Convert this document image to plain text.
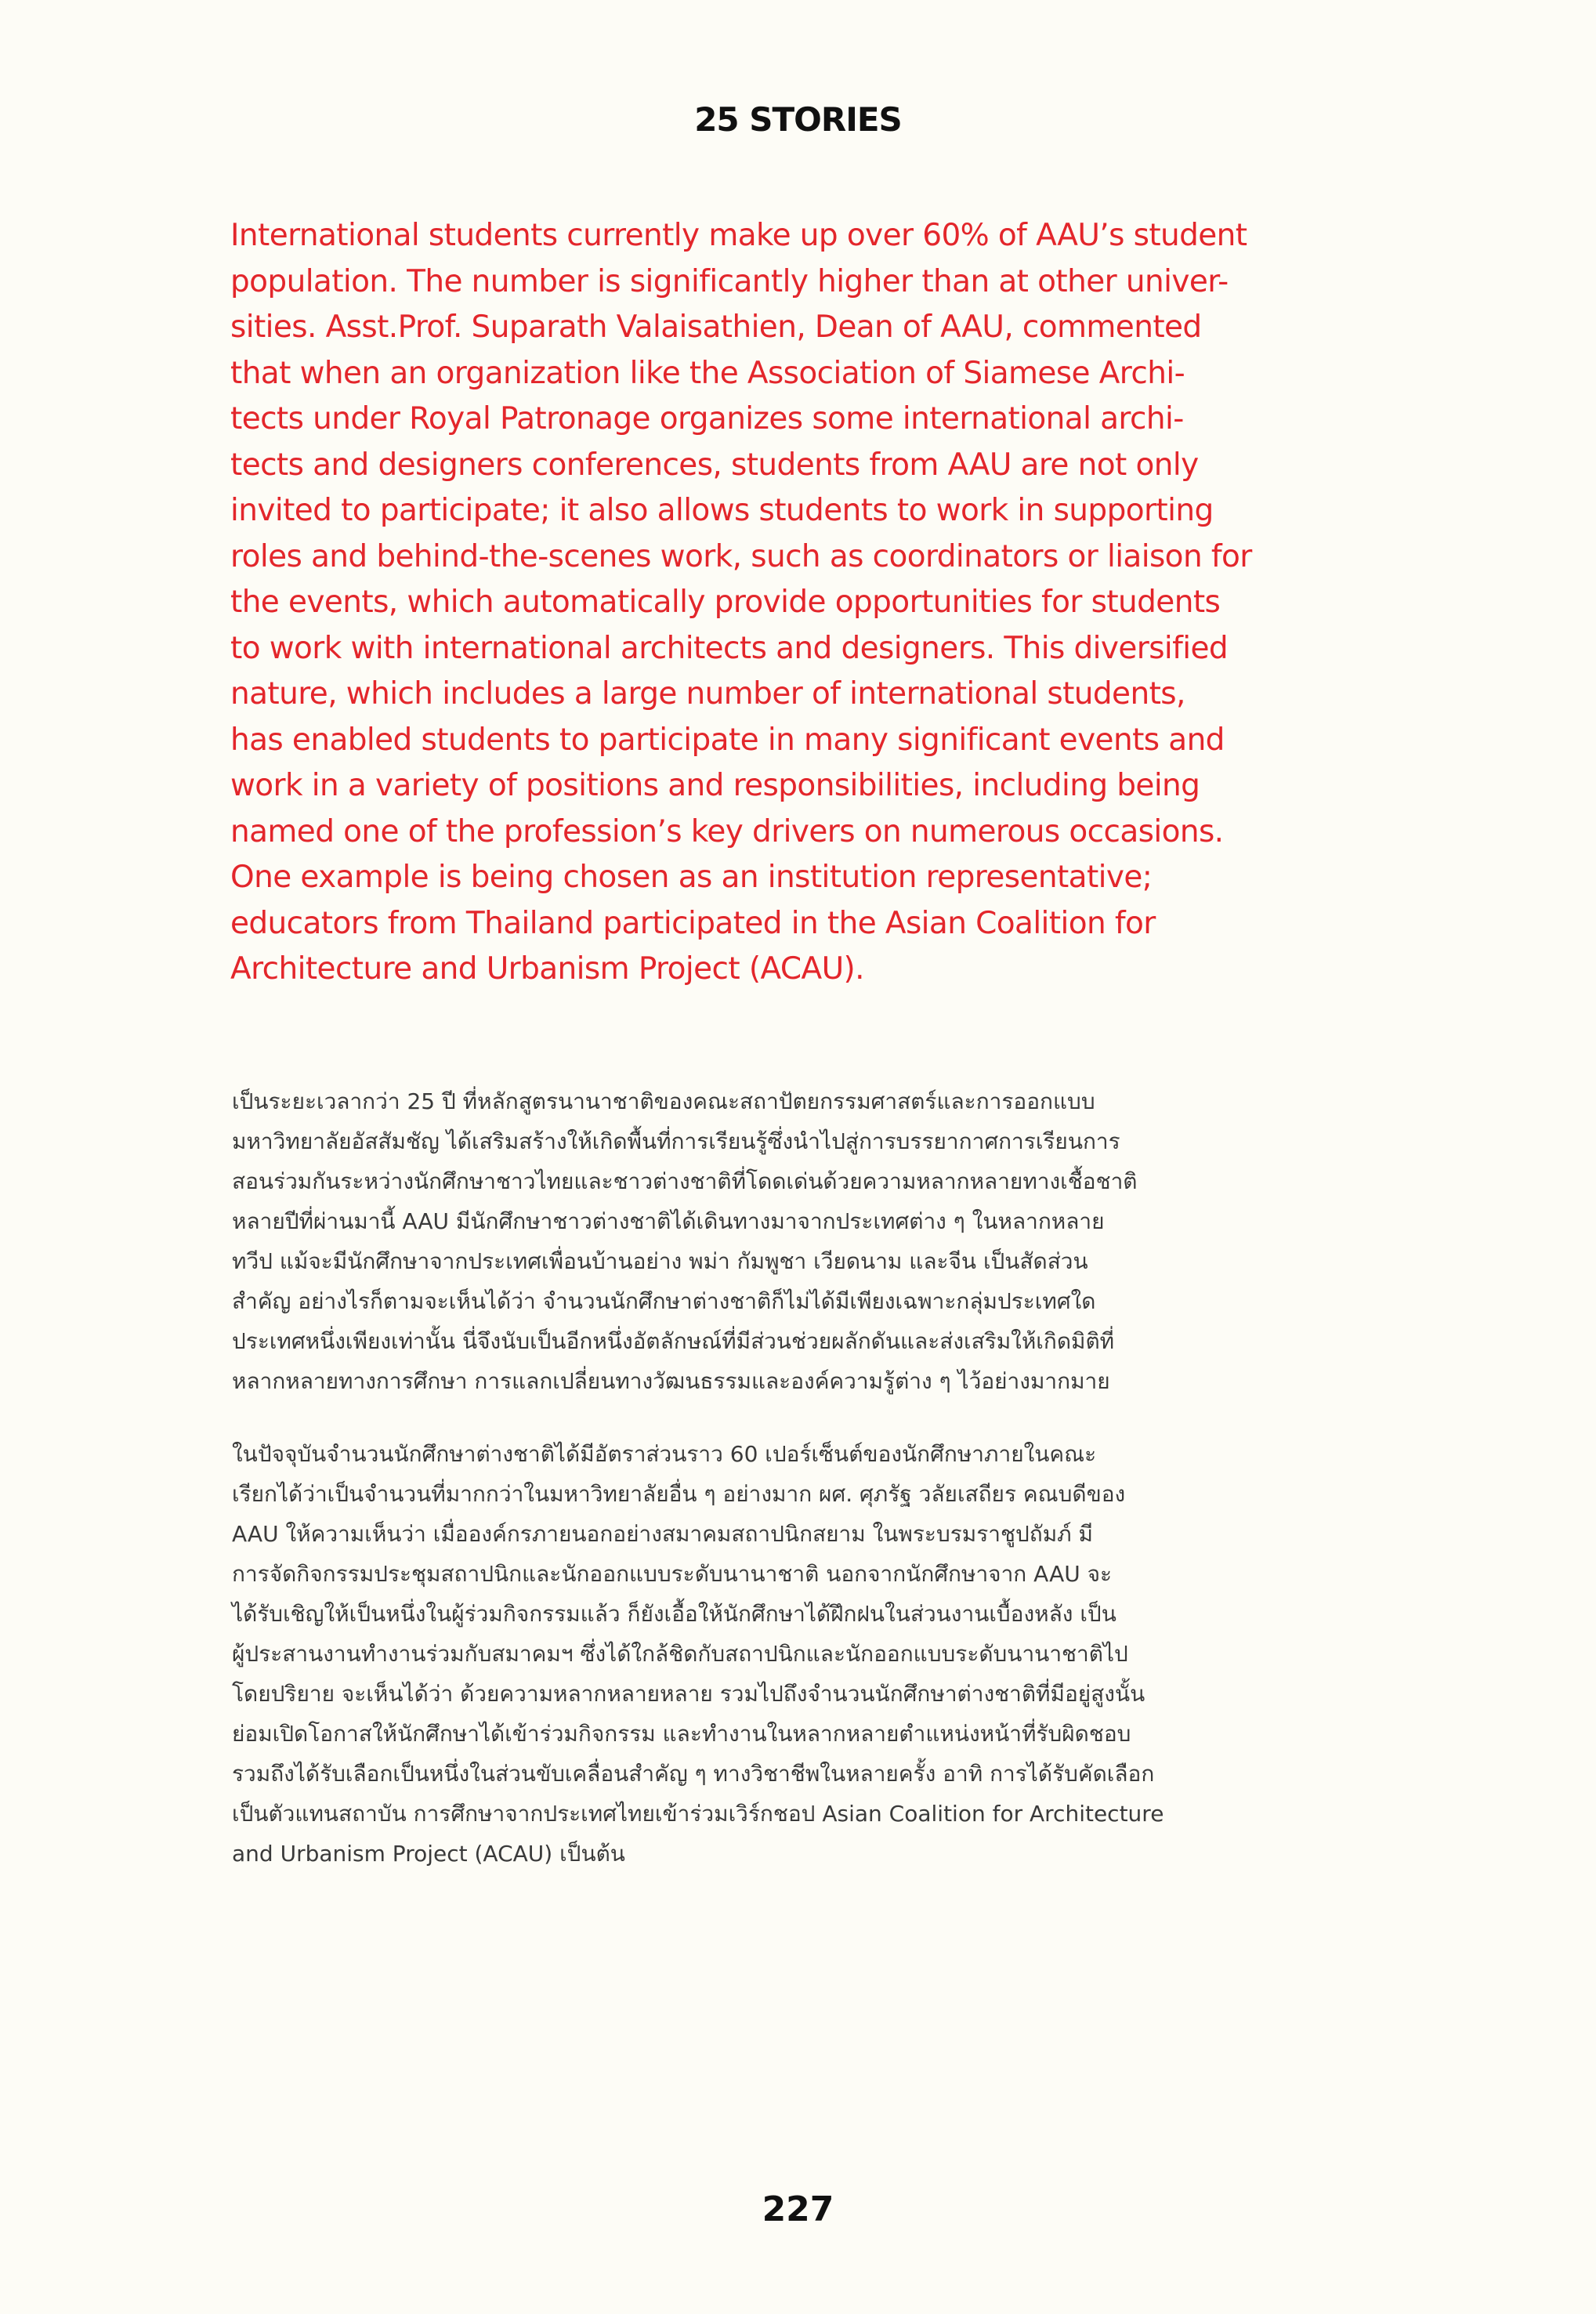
25 STORIES
International students currently make up over 60% of AAU’s student
population. The number is significantly higher than at other univer-
sities. Asst.Prof. Suparath Valaisathien, Dean of AAU, commented
that when an organization like the Association of Siamese Archi-
tects under Royal Patronage organizes some international archi-
tects and designers conferences, students from AAU are not only
invited to participate; it also allows students to work in supporting
roles and behind-the-scenes work, such as coordinators or liaison for
the events, which automatically provide opportunities for students
to work with international architects and designers. This diversified
nature, which includes a large number of international students,
has enabled students to participate in many significant events and
work in a variety of positions and responsibilities, including being
named one of the profession’s key drivers on numerous occasions.
One example is being chosen as an institution representative;
educators from Thailand participated in the Asian Coalition for
Architecture and Urbanism Project (ACAU).
เป็นระยะเวลากว่า 25 ปี ที่หลักสูตรนานาชาติของคณะสถาปัตยกรรมศาสตร์และการออกแบบ
มหาวิทยาลัยอัสสัมชัญ ได้เสริมสร้างให้เกิดพื้นที่การเรียนรู้ซึ่งนำไปสู่การบรรยากาศการเรียนการ
สอนร่วมกันระหว่างนักศึกษาชาวไทยและชาวต่างชาติที่โดดเด่นด้วยความหลากหลายทางเชื้อชาติ
หลายปีที่ผ่านมานี้ AAU มีนักศึกษาชาวต่างชาติได้เดินทางมาจากประเทศต่าง ๆ ในหลากหลาย
ทวีป แม้จะมีนักศึกษาจากประเทศเพื่อนบ้านอย่าง พม่า กัมพูชา เวียดนาม และจีน เป็นสัดส่วน
สำคัญ อย่างไรก็ตามจะเห็นได้ว่า จำนวนนักศึกษาต่างชาติก็ไม่ได้มีเพียงเฉพาะกลุ่มประเทศใด
ประเทศหนึ่งเพียงเท่านั้น นี่จึงนับเป็นอีกหนึ่งอัตลักษณ์ที่มีส่วนช่วยผลักดันและส่งเสริมให้เกิดมิติที่
หลากหลายทางการศึกษา การแลกเปลี่ยนทางวัฒนธรรมและองค์ความรู้ต่าง ๆ ไว้อย่างมากมาย
ในปัจจุบันจำนวนนักศึกษาต่างชาติได้มีอัตราส่วนราว 60 เปอร์เซ็นต์ของนักศึกษาภายในคณะ
เรียกได้ว่าเป็นจำนวนที่มากกว่าในมหาวิทยาลัยอื่น ๆ อย่างมาก ผศ. ศุภรัฐ วลัยเสถียร คณบดีของ
AAU ให้ความเห็นว่า เมื่อองค์กรภายนอกอย่างสมาคมสถาปนิกสยาม ในพระบรมราชูปถัมภ์ มี
การจัดกิจกรรมประชุมสถาปนิกและนักออกแบบระดับนานาชาติ นอกจากนักศึกษาจาก AAU จะ
ได้รับเชิญให้เป็นหนึ่งในผู้ร่วมกิจกรรมแล้ว ก็ยังเอื้อให้นักศึกษาได้ฝึกฝนในส่วนงานเบื้องหลัง เป็น
ผู้ประสานงานทำงานร่วมกับสมาคมฯ ซึ่งได้ใกล้ชิดกับสถาปนิกและนักออกแบบระดับนานาชาติไป
โดยปริยาย จะเห็นได้ว่า ด้วยความหลากหลายหลาย รวมไปถึงจำนวนนักศึกษาต่างชาติที่มีอยู่สูงนั้น
ย่อมเปิดโอกาสให้นักศึกษาได้เข้าร่วมกิจกรรม และทำงานในหลากหลายตำแหน่งหน้าที่รับผิดชอบ
รวมถึงได้รับเลือกเป็นหนึ่งในส่วนขับเคลื่อนสำคัญ ๆ ทางวิชาชีพในหลายครั้ง อาทิ การได้รับคัดเลือก
เป็นตัวแทนสถาบัน การศึกษาจากประเทศไทยเข้าร่วมเวิร์กชอป Asian Coalition for Architecture
and Urbanism Project (ACAU) เป็นต้น
227
